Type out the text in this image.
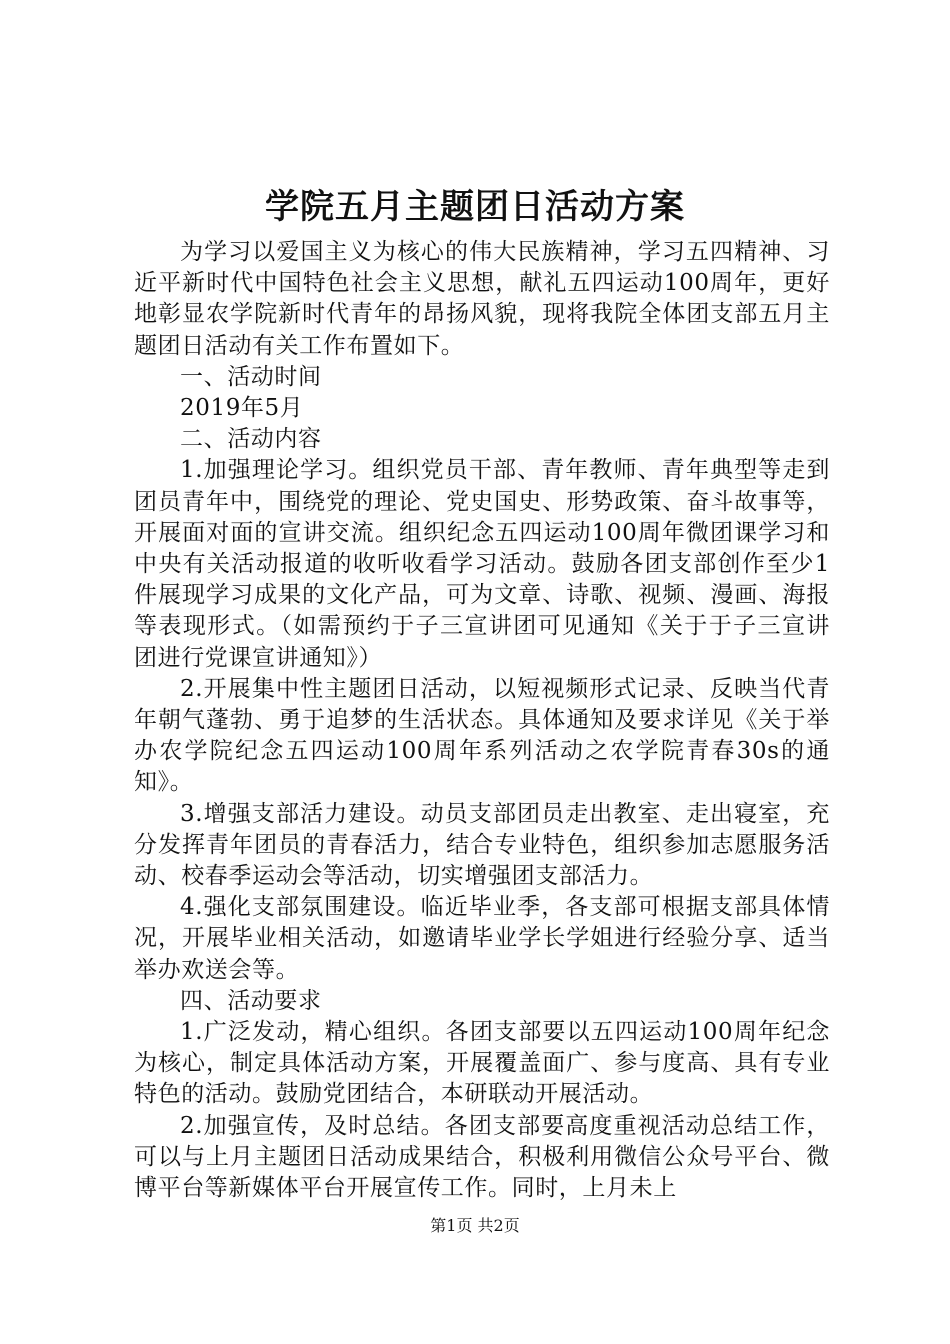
学院五月主题团日活动方案

为学习以爱国主义为核心的伟大民族精神，学习五四精神、习近平新时代中国特色社会主义思想，献礼五四运动100周年，更好地彰显农学院新时代青年的昂扬风貌，现将我院全体团支部五月主题团日活动有关工作布置如下。

一、活动时间

2019年5月

二、活动内容

1.加强理论学习。组织党员干部、青年教师、青年典型等走到团员青年中，围绕党的理论、党史国史、形势政策、奋斗故事等，开展面对面的宣讲交流。组织纪念五四运动100周年微团课学习和中央有关活动报道的收听收看学习活动。鼓励各团支部创作至少1件展现学习成果的文化产品，可为文章、诗歌、视频、漫画、海报等表现形式。（如需预约于子三宣讲团可见通知《关于于子三宣讲团进行党课宣讲通知》）

2.开展集中性主题团日活动，以短视频形式记录、反映当代青年朝气蓬勃、勇于追梦的生活状态。具体通知及要求详见《关于举办农学院纪念五四运动100周年系列活动之农学院青春30s的通知》。

3.增强支部活力建设。动员支部团员走出教室、走出寝室，充分发挥青年团员的青春活力，结合专业特色，组织参加志愿服务活动、校春季运动会等活动，切实增强团支部活力。

4.强化支部氛围建设。临近毕业季，各支部可根据支部具体情况，开展毕业相关活动，如邀请毕业学长学姐进行经验分享、适当举办欢送会等。

四、活动要求

1.广泛发动，精心组织。各团支部要以五四运动100周年纪念为核心，制定具体活动方案，开展覆盖面广、参与度高、具有专业特色的活动。鼓励党团结合，本研联动开展活动。

2.加强宣传，及时总结。各团支部要高度重视活动总结工作，可以与上月主题团日活动成果结合，积极利用微信公众号平台、微博平台等新媒体平台开展宣传工作。同时，上月未上

第1页 共2页
